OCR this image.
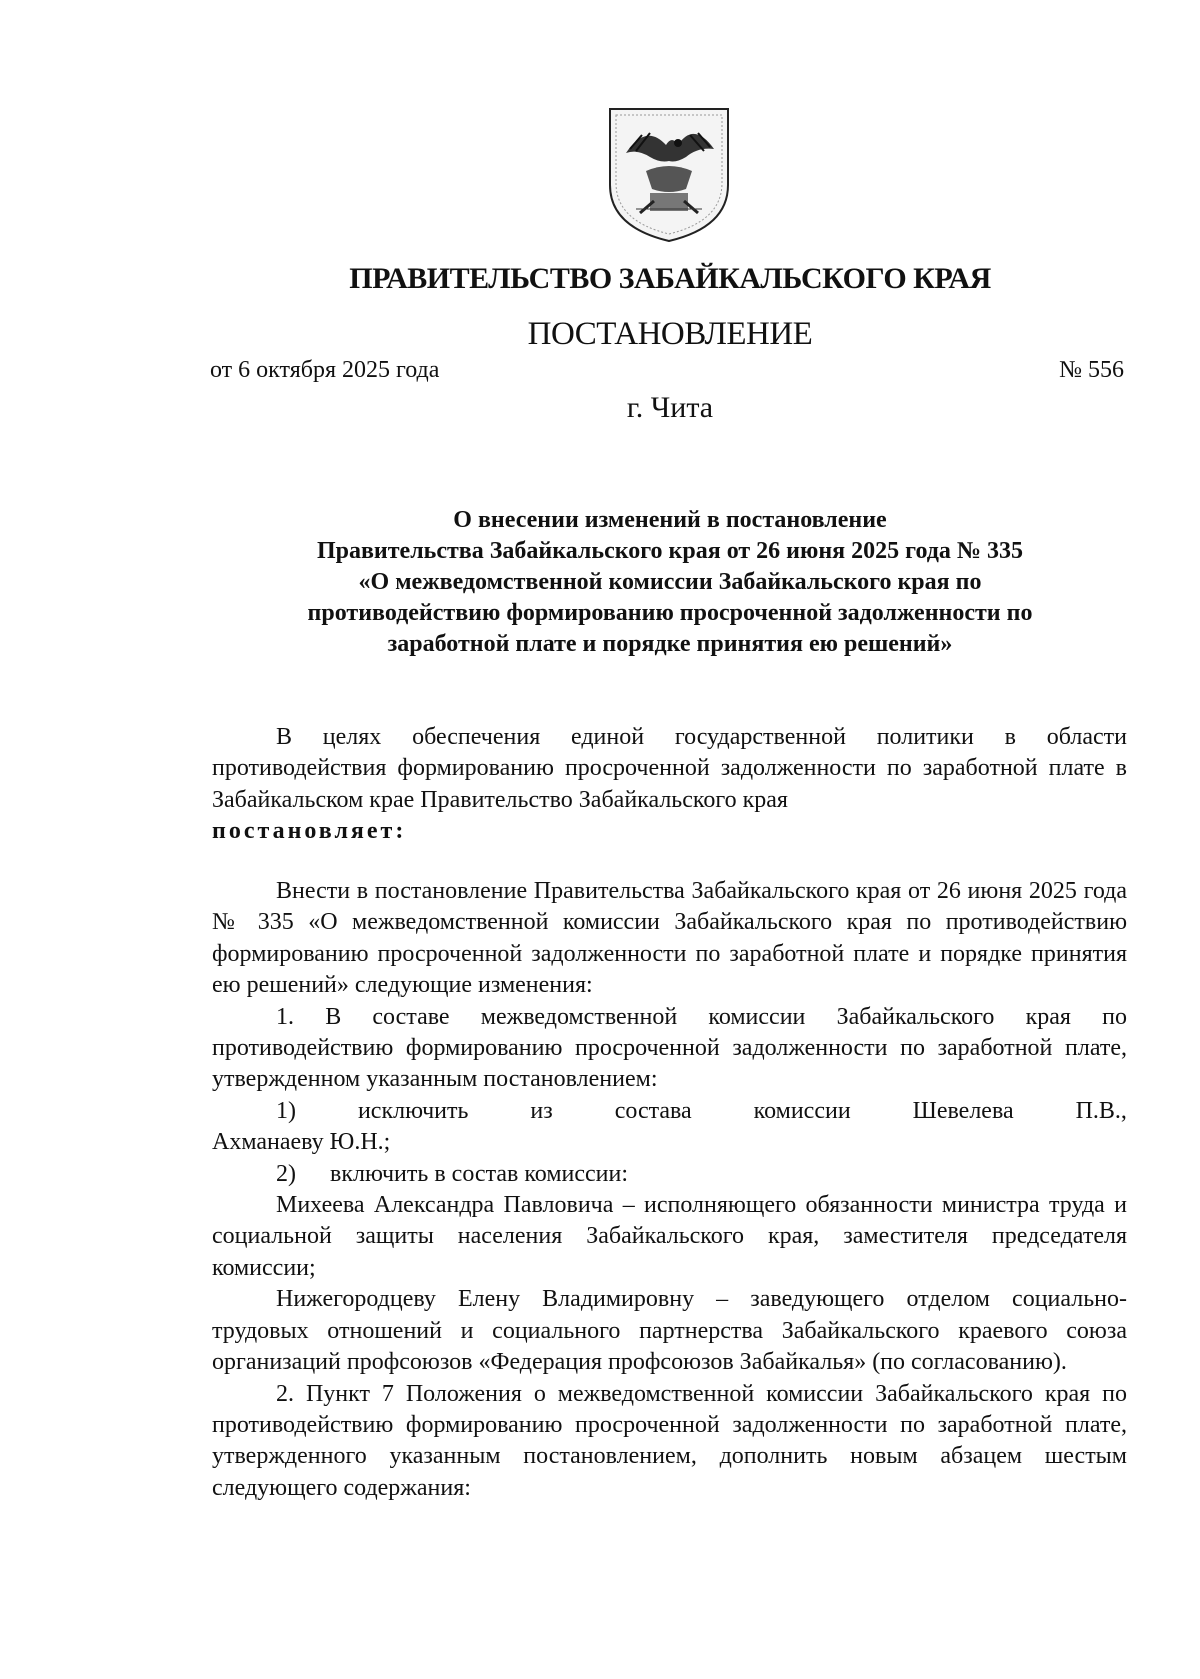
ПРАВИТЕЛЬСТВО ЗАБАЙКАЛЬСКОГО КРАЯ
ПОСТАНОВЛЕНИЕ
от 6 октября 2025 года	№ 556
г. Чита
О внесении изменений в постановление
Правительства Забайкальского края от 26 июня 2025 года № 335
«О межведомственной комиссии Забайкальского края по
противодействию формированию просроченной задолженности по
заработной плате и порядке принятия ею решений»
В целях обеспечения единой государственной политики в области противодействия формированию просроченной задолженности по заработной плате в Забайкальском крае Правительство Забайкальского края
постановляет:
Внести в постановление Правительства Забайкальского края от 26 июня 2025 года № 335 «О межведомственной комиссии Забайкальского края по противодействию формированию просроченной задолженности по заработной плате и порядке принятия ею решений» следующие изменения:
1. В составе межведомственной комиссии Забайкальского края по противодействию формированию просроченной задолженности по заработной плате, утвержденном указанным постановлением:
1)	исключить	из	состава	комиссии	Шевелева	П.В.,
Ахманаеву Ю.Н.;
2) включить в состав комиссии:
Михеева Александра Павловича – исполняющего обязанности министра труда и социальной защиты населения Забайкальского края, заместителя председателя комиссии;
Нижегородцеву Елену Владимировну – заведующего отделом социально-трудовых отношений и социального партнерства Забайкальского краевого союза организаций профсоюзов «Федерация профсоюзов Забайкалья» (по согласованию).
2. Пункт 7 Положения о межведомственной комиссии Забайкальского края по противодействию формированию просроченной задолженности по заработной плате, утвержденного указанным постановлением, дополнить новым абзацем шестым следующего содержания:
